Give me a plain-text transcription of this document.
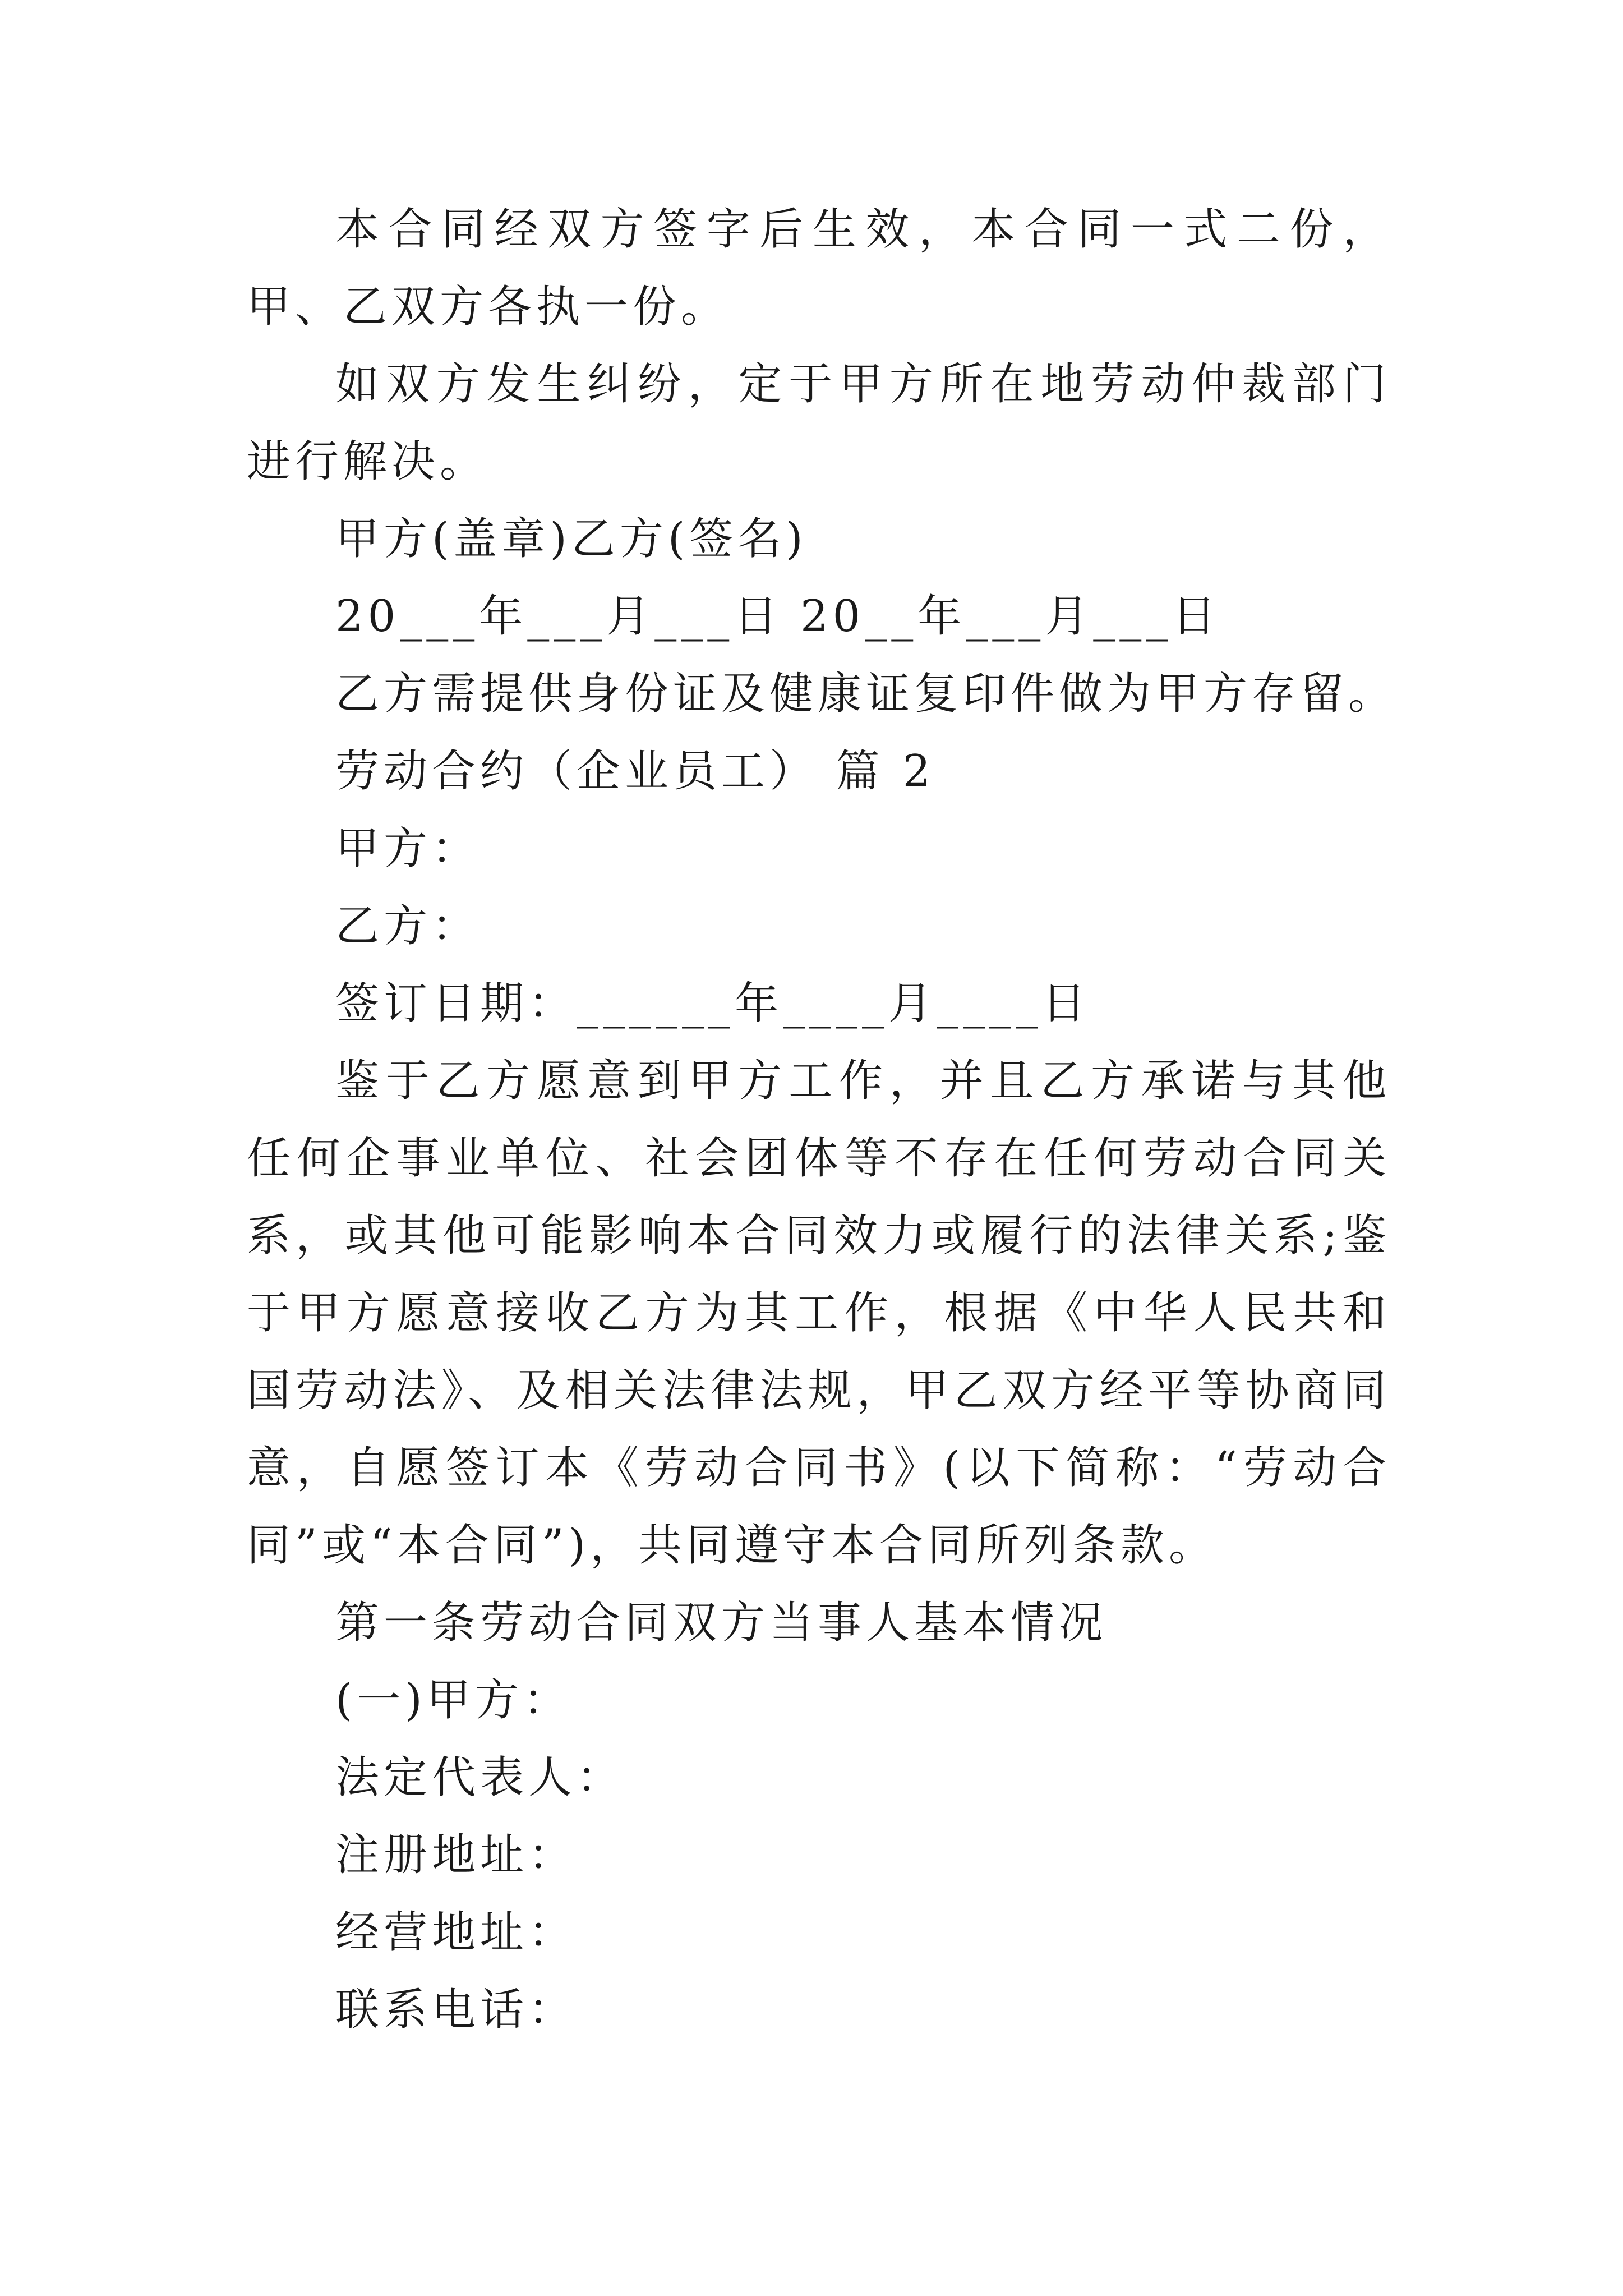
本合同经双方签字后生效，本合同一式二份，甲、乙双方各执一份。

如双方发生纠纷，定于甲方所在地劳动仲裁部门进行解决。

甲方(盖章)乙方(签名)

20___年___月___日 20__年___月___日

乙方需提供身份证及健康证复印件做为甲方存留。

劳动合约（企业员工） 篇 2

甲方：

乙方：

签订日期：______年____月____日

鉴于乙方愿意到甲方工作，并且乙方承诺与其他任何企事业单位、社会团体等不存在任何劳动合同关系，或其他可能影响本合同效力或履行的法律关系;鉴于甲方愿意接收乙方为其工作，根据《中华人民共和国劳动法》、及相关法律法规，甲乙双方经平等协商同意，自愿签订本《劳动合同书》(以下简称：“劳动合同”或“本合同”)，共同遵守本合同所列条款。

第一条劳动合同双方当事人基本情况

(一)甲方：

法定代表人：

注册地址：

经营地址：

联系电话：
